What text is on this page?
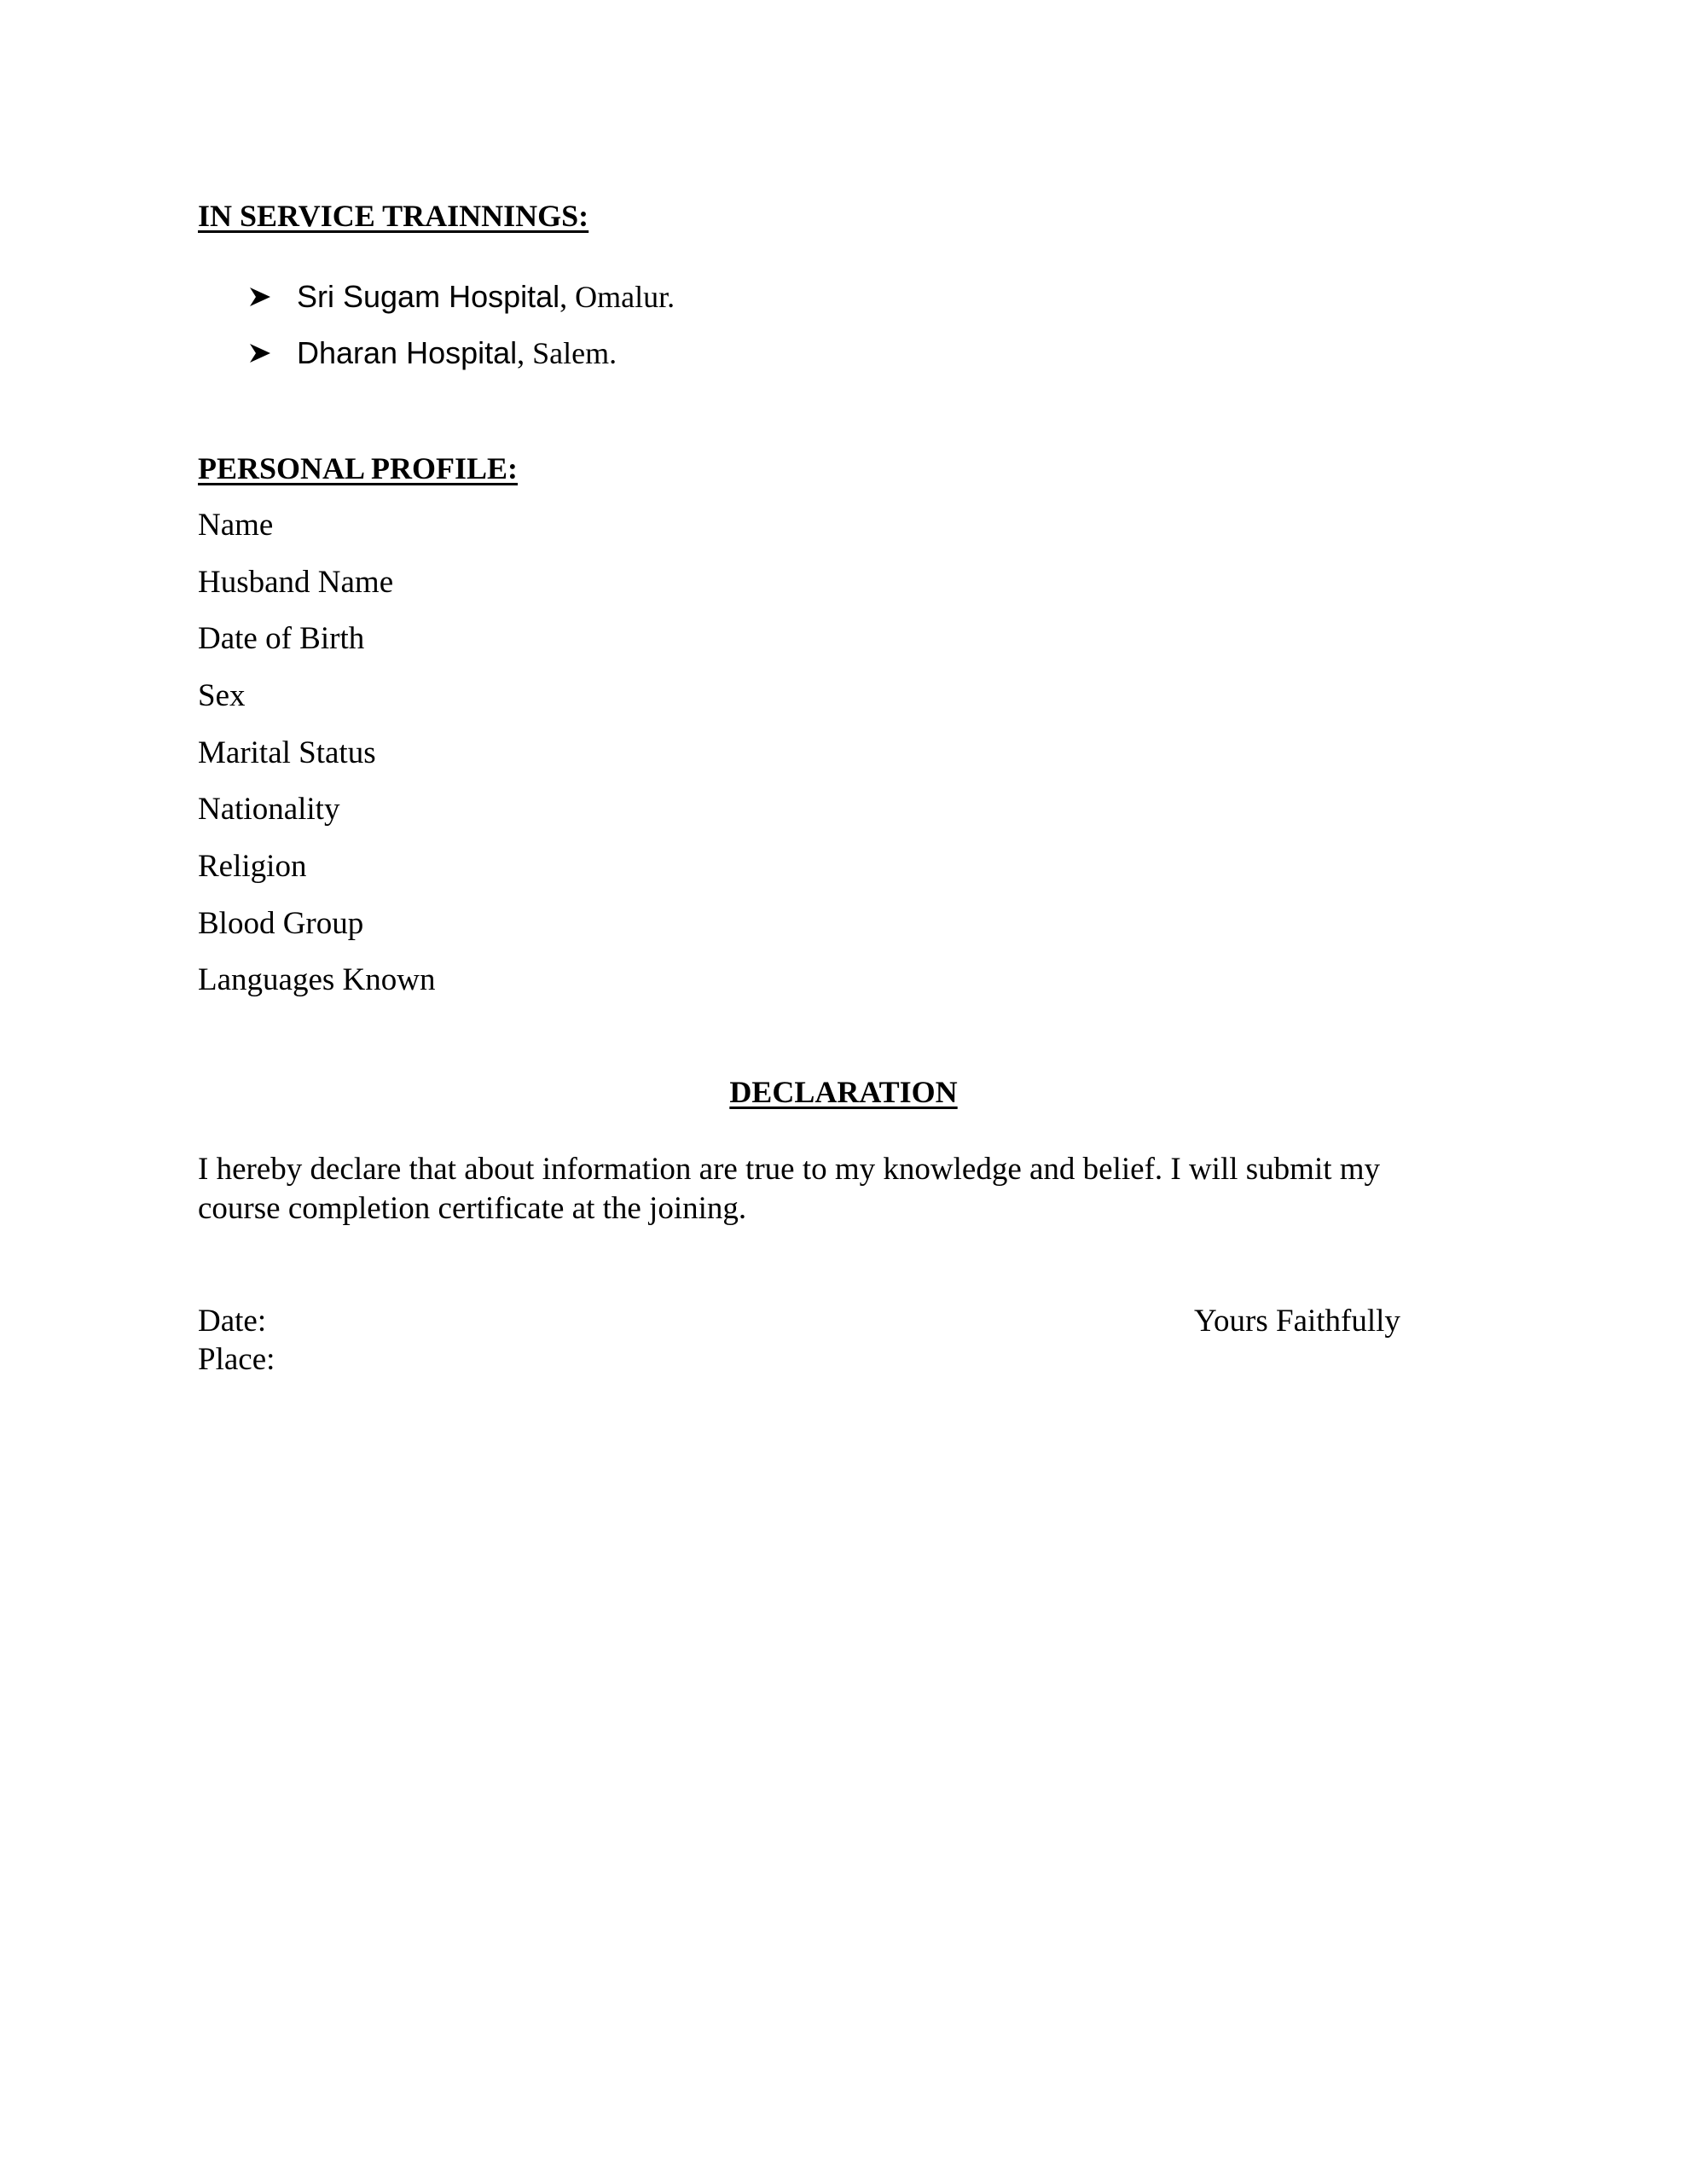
IN SERVICE TRAINNINGS:
Sri Sugam Hospital, Omalur.
Dharan Hospital, Salem.
PERSONAL PROFILE:
Name
Husband Name
Date of Birth
Sex
Marital Status
Nationality
Religion
Blood Group
Languages Known
DECLARATION
I hereby declare that about information are true to my knowledge and belief. I will submit my
course completion certificate at the joining.
Date:
Place:
Yours Faithfully
